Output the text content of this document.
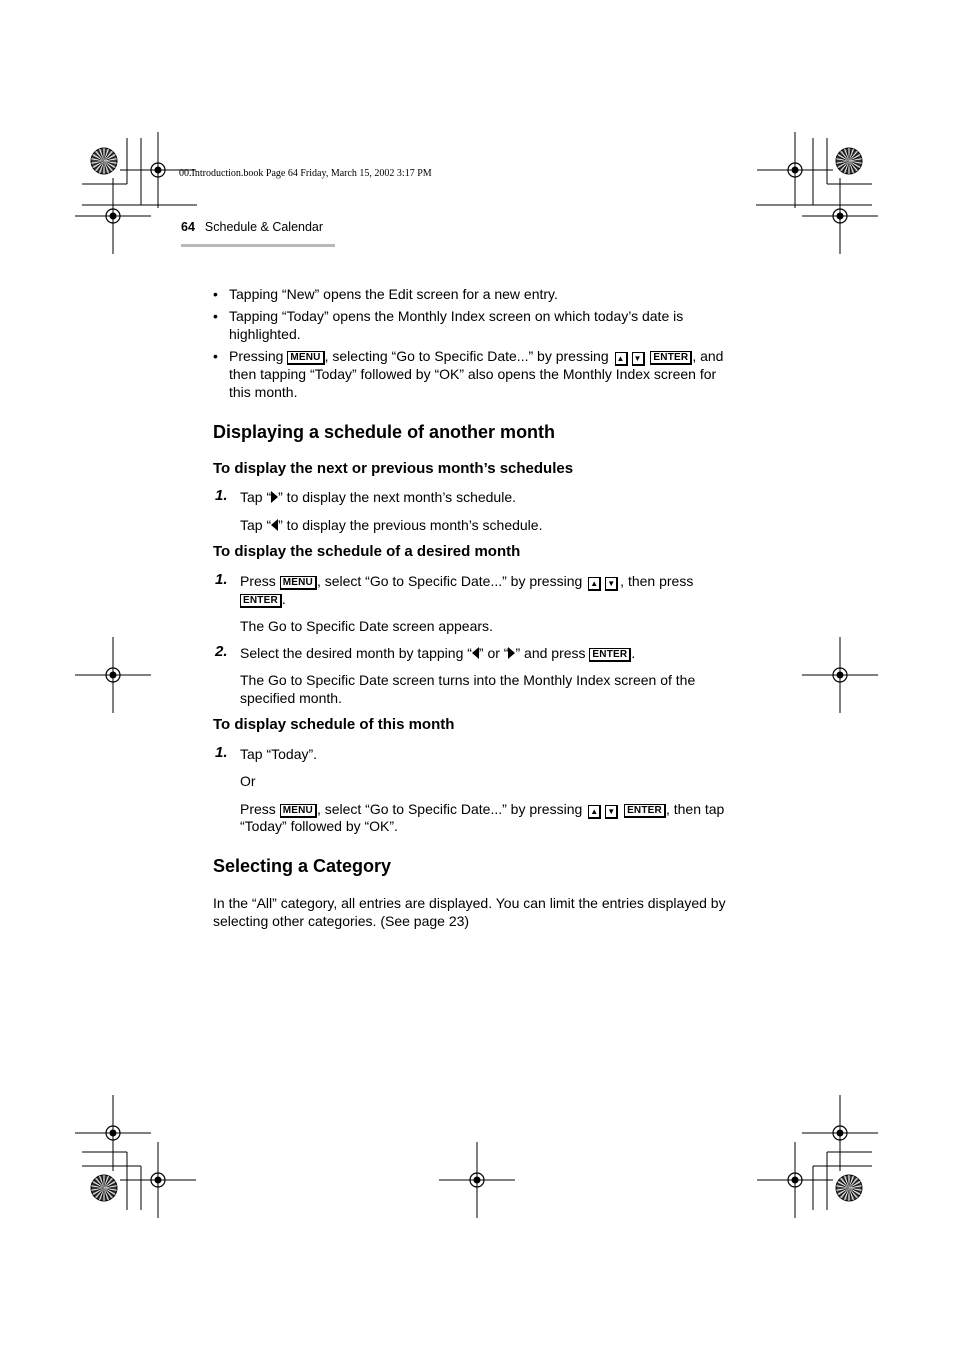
00.Introduction.book Page 64 Friday, March 15, 2002 3:17 PM
64 Schedule & Calendar
• Tapping “New” opens the Edit screen for a new entry.
• Tapping “Today” opens the Monthly Index screen on which today’s date is
highlighted.
• Pressing MENU , selecting “Go to Specific Date...” by pressing ▲ ▼ ENTER , and
then tapping “Today” followed by “OK” also opens the Monthly Index screen for
this month.
Displaying a schedule of another month
To display the next or previous month’s schedules
1. Tap “ ” to display the next month’s schedule.
Tap “ ” to display the previous month’s schedule.
To display the schedule of a desired month
1. Press MENU , select “Go to Specific Date...” by pressing ▲ ▼ , then press
ENTER .
The Go to Specific Date screen appears.
2. Select the desired month by tapping “ ” or “ ” and press ENTER .
The Go to Specific Date screen turns into the Monthly Index screen of the
specified month.
To display schedule of this month
1. Tap “Today”.
Or
Press MENU , select “Go to Specific Date...” by pressing ▲ ▼ ENTER , then tap
“Today” followed by “OK”.
Selecting a Category
In the “All” category, all entries are displayed. You can limit the entries displayed by
selecting other categories. (See page 23)
